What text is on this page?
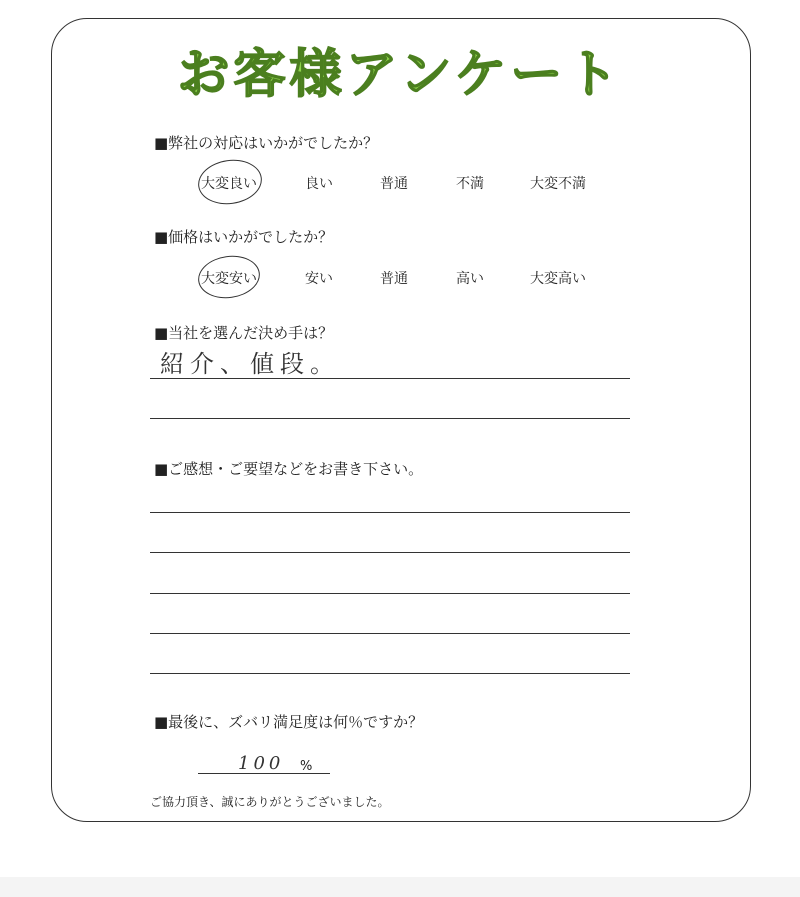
お客様アンケート
■弊社の対応はいかがでしたか？
大変良い	良い	普通	不満	大変不満
■価格はいかがでしたか？
大変安い	安い	普通	高い	大変高い
■当社を選んだ決め手は？
紹介、値段。
■ご感想・ご要望などをお書き下さい。
■最後に、ズバリ満足度は何％ですか？
100 %
ご協力頂き、誠にありがとうございました。
